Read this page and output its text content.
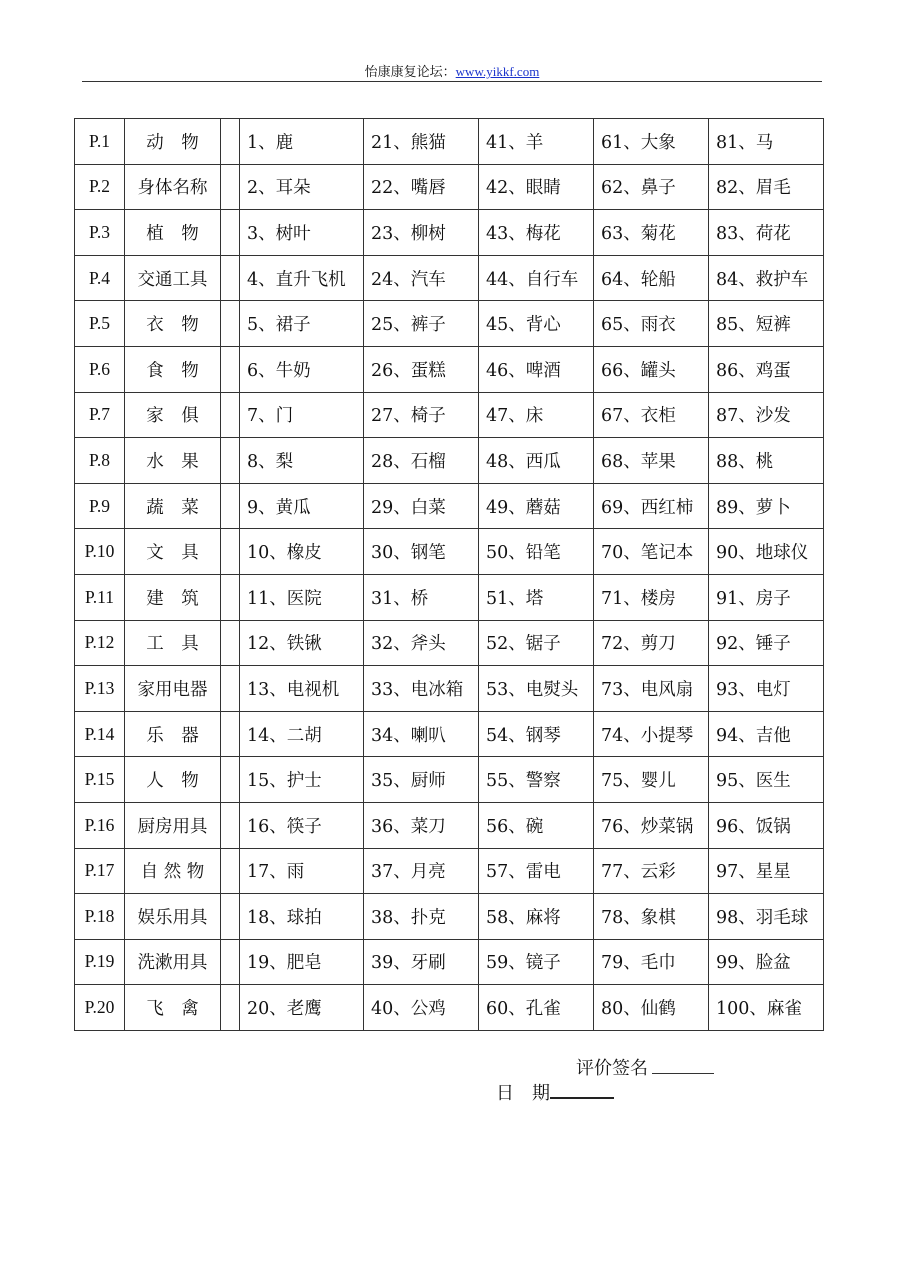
怡康康复论坛：www.yikkf.com
P.1	动　物		1、鹿	21、熊猫	41、羊	61、大象	81、马
P.2	身体名称		2、耳朵	22、嘴唇	42、眼睛	62、鼻子	82、眉毛
P.3	植　物		3、树叶	23、柳树	43、梅花	63、菊花	83、荷花
P.4	交通工具		4、直升飞机	24、汽车	44、自行车	64、轮船	84、救护车
P.5	衣　物		5、裙子	25、裤子	45、背心	65、雨衣	85、短裤
P.6	食　物		6、牛奶	26、蛋糕	46、啤酒	66、罐头	86、鸡蛋
P.7	家　俱		7、门	27、椅子	47、床	67、衣柜	87、沙发
P.8	水　果		8、梨	28、石榴	48、西瓜	68、苹果	88、桃
P.9	蔬　菜		9、黄瓜	29、白菜	49、蘑菇	69、西红柿	89、萝卜
P.10	文　具		10、橡皮	30、钢笔	50、铅笔	70、笔记本	90、地球仪
P.11	建　筑		11、医院	31、桥	51、塔	71、楼房	91、房子
P.12	工　具		12、铁锹	32、斧头	52、锯子	72、剪刀	92、锤子
P.13	家用电器		13、电视机	33、电冰箱	53、电熨头	73、电风扇	93、电灯
P.14	乐　器		14、二胡	34、喇叭	54、钢琴	74、小提琴	94、吉他
P.15	人　物		15、护士	35、厨师	55、警察	75、婴儿	95、医生
P.16	厨房用具		16、筷子	36、菜刀	56、碗	76、炒菜锅	96、饭锅
P.17	自 然 物		17、雨	37、月亮	57、雷电	77、云彩	97、星星
P.18	娱乐用具		18、球拍	38、扑克	58、麻将	78、象棋	98、羽毛球
P.19	洗漱用具		19、肥皂	39、牙刷	59、镜子	79、毛巾	99、脸盆
P.20	飞　禽		20、老鹰	40、公鸡	60、孔雀	80、仙鹤	100、麻雀
评价签名
日　期
